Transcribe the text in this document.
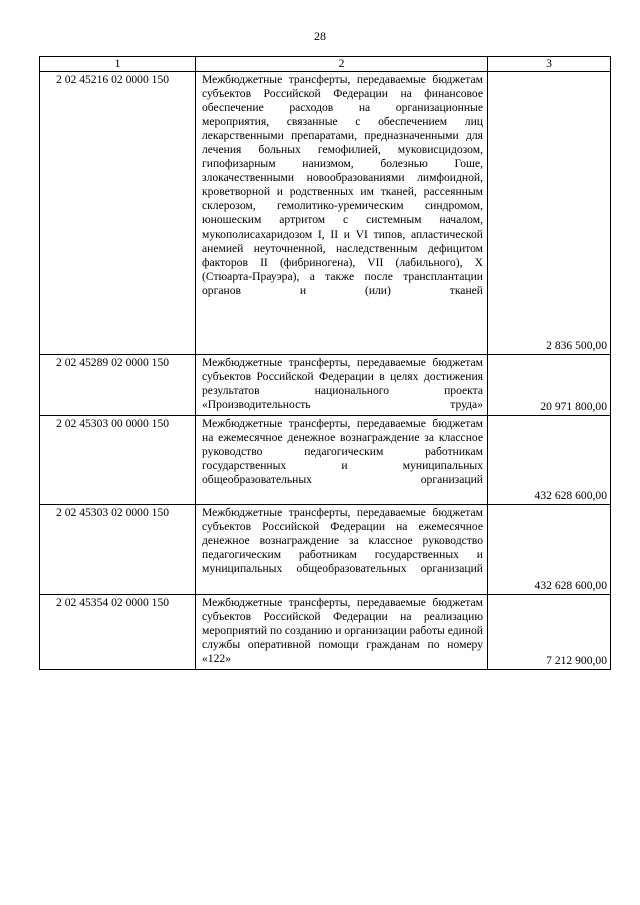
28
1	2	3
2 02 45216 02 0000 150	Межбюджетные трансферты, передаваемые бюджетам субъектов Российской Федерации на финансовое обеспечение расходов на организационные мероприятия, связанные с обеспечением лиц лекарственными препаратами, предназначенными для лечения больных гемофилией, муковисцидозом, гипофизарным нанизмом, болезнью Гоше, злокачественными новообразованиями лимфоидной, кроветворной и родственных им тканей, рассеянным склерозом, гемолитико-уремическим синдромом, юношеским артритом с системным началом, мукополисахаридозом I, II и VI типов, апластической анемией неуточненной, наследственным дефицитом факторов II (фибриногена), VII (лабильного), X (Стюарта-Прауэра), а также после трансплантации органов и (или) тканей	2 836 500,00
2 02 45289 02 0000 150	Межбюджетные трансферты, передаваемые бюджетам субъектов Российской Федерации в целях достижения результатов национального проекта «Производительность труда»	20 971 800,00
2 02 45303 00 0000 150	Межбюджетные трансферты, передаваемые бюджетам на ежемесячное денежное вознаграждение за классное руководство педагогическим работникам государственных и муниципальных общеобразовательных организаций	432 628 600,00
2 02 45303 02 0000 150	Межбюджетные трансферты, передаваемые бюджетам субъектов Российской Федерации на ежемесячное денежное вознаграждение за классное руководство педагогическим работникам государственных и муниципальных общеобразовательных организаций	432 628 600,00
2 02 45354 02 0000 150	Межбюджетные трансферты, передаваемые бюджетам субъектов Российской Федерации на реализацию мероприятий по созданию и организации работы единой службы оперативной помощи гражданам по номеру «122»	7 212 900,00
